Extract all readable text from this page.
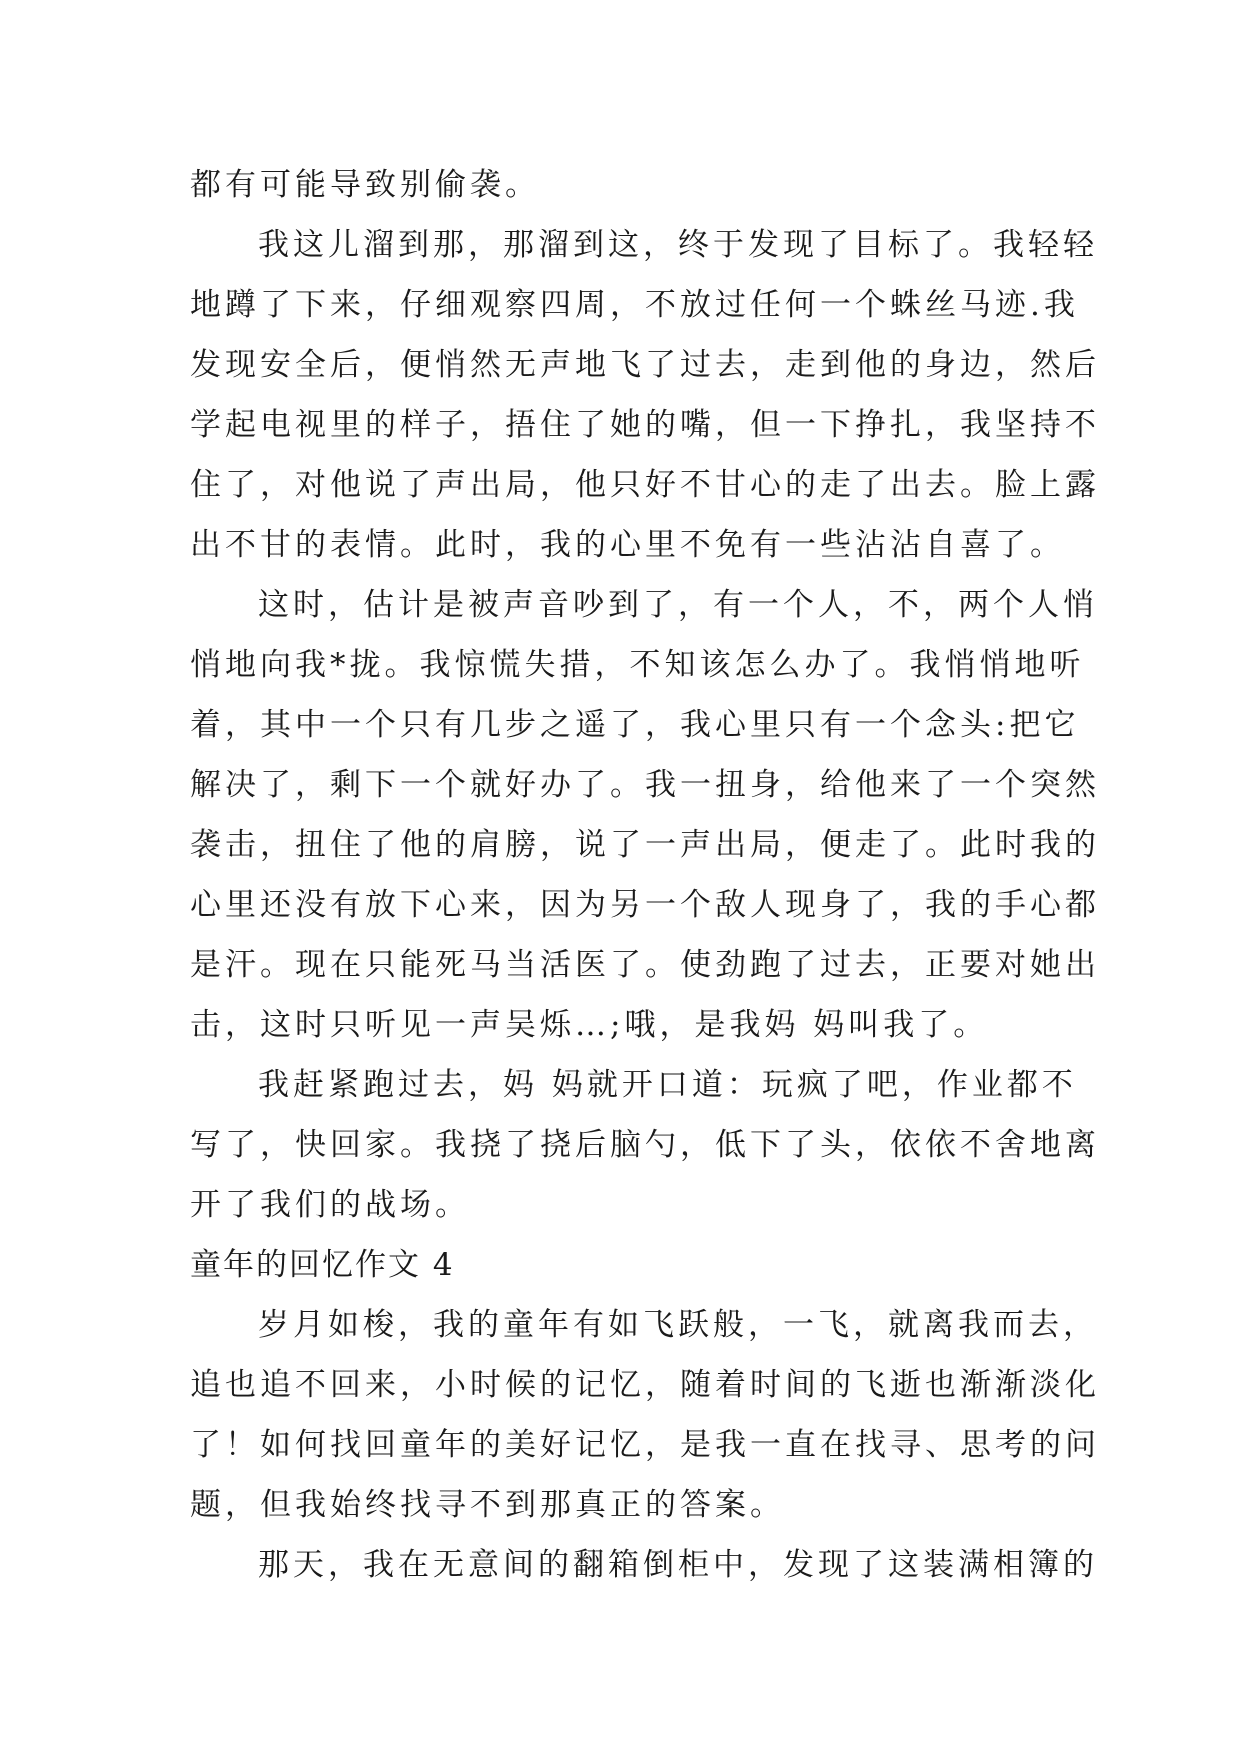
都有可能导致别偷袭。
我这儿溜到那，那溜到这，终于发现了目标了。我轻轻
地蹲了下来，仔细观察四周，不放过任何一个蛛丝马迹.我
发现安全后，便悄然无声地飞了过去，走到他的身边，然后
学起电视里的样子，捂住了她的嘴，但一下挣扎，我坚持不
住了，对他说了声出局，他只好不甘心的走了出去。脸上露
出不甘的表情。此时，我的心里不免有一些沾沾自喜了。
这时，估计是被声音吵到了，有一个人，不，两个人悄
悄地向我*拢。我惊慌失措，不知该怎么办了。我悄悄地听
着，其中一个只有几步之遥了，我心里只有一个念头:把它
解决了，剩下一个就好办了。我一扭身，给他来了一个突然
袭击，扭住了他的肩膀，说了一声出局，便走了。此时我的
心里还没有放下心来，因为另一个敌人现身了，我的手心都
是汗。现在只能死马当活医了。使劲跑了过去，正要对她出
击，这时只听见一声吴烁…;哦，是我妈 妈叫我了。
我赶紧跑过去，妈 妈就开口道：玩疯了吧，作业都不
写了，快回家。我挠了挠后脑勺，低下了头，依依不舍地离
开了我们的战场。
童年的回忆作文 4
岁月如梭，我的童年有如飞跃般，一飞，就离我而去，
追也追不回来，小时候的记忆，随着时间的飞逝也渐渐淡化
了！如何找回童年的美好记忆，是我一直在找寻、思考的问
题，但我始终找寻不到那真正的答案。
那天，我在无意间的翻箱倒柜中，发现了这装满相簿的
